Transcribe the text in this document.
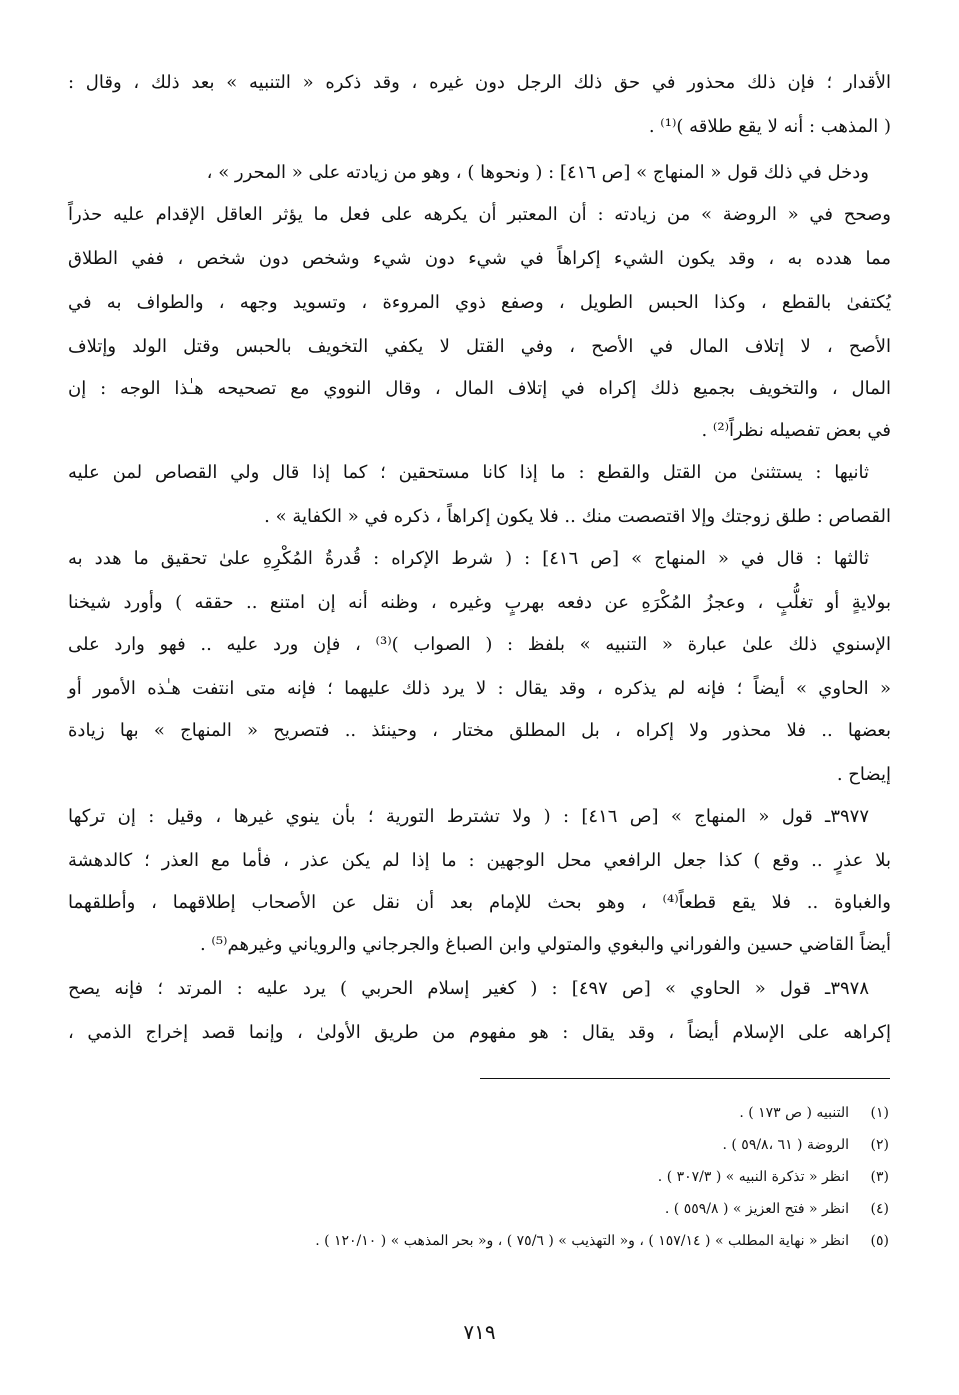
الأقدار ؛ فإن ذلك محذور في حق ذلك الرجل دون غيره ، وقد ذكره « التنبيه » بعد ذلك ، وقال :
( المذهب : أنه لا يقع طلاقه )⁽¹⁾ .
ودخل في ذلك قول « المنهاج » [ص ٤١٦] : ( ونحوها ) ، وهو من زيادته على « المحرر » ،
وصحح في « الروضة » من زيادته : أن المعتبر أن يكرهه على فعل ما يؤثر العاقل الإقدام عليه حذراً
مما هدده به ، وقد يكون الشيء إكراهاً في شيء دون شيء وشخص دون شخص ، ففي الطلاق
يُكتفىٰ بالقطع ، وكذا الحبس الطويل ، وصفع ذوي المروءة ، وتسويد وجهه ، والطواف به في
الأصح ، لا إتلاف المال في الأصح ، وفي القتل لا يكفي التخويف بالحبس وقتل الولد وإتلاف
المال ، والتخويف بجميع ذلك إكراه في إتلاف المال ، وقال النووي مع تصحيحه هـٰذا الوجه : إن
في بعض تفصيله نظراً⁽²⁾ .
ثانيها : يستثنىٰ من القتل والقطع : ما إذا كانا مستحقين ؛ كما إذا قال ولي القصاص لمن عليه
القصاص : طلق زوجتك وإلا اقتصصت منك .. فلا يكون إكراهاً ، ذكره في « الكفاية » .
ثالثها : قال في « المنهاج » [ص ٤١٦] : ( شرط الإكراه : قُدرةُ المُكْرِهِ علىٰ تحقيق ما هدد به
بولايةٍ أو تغلُّبٍ ، وعجزُ المُكْرَهِ عن دفعه بهربٍ وغيره ، وظنه أنه إن امتنع .. حققه ) وأورد شيخنا
الإسنوي ذلك علىٰ عبارة « التنبيه » بلفظ : ( الصواب )⁽³⁾ ، فإن ورد عليه .. فهو وارد على
« الحاوي » أيضاً ؛ فإنه لم يذكره ، وقد يقال : لا يرد ذلك عليهما ؛ فإنه متى انتفت هـٰذه الأمور أو
بعضها .. فلا محذور ولا إكراه ، بل المطلق مختار ، وحينئذ .. فتصريح « المنهاج » بها زيادة
إيضاح .
٣٩٧٧ـ قول « المنهاج » [ص ٤١٦] : ( ولا تشترط التورية ؛ بأن ينوي غيرها ، وقيل : إن تركها
بلا عذرٍ .. وقع ) كذا جعل الرافعي محل الوجهين : ما إذا لم يكن عذر ، فأما مع العذر ؛ كالدهشة
والغباوة .. فلا يقع قطعاً⁽⁴⁾ ، وهو بحث للإمام بعد أن نقل عن الأصحاب إطلاقهما ، وأطلقهما
أيضاً القاضي حسين والفوراني والبغوي والمتولي وابن الصباغ والجرجاني والروياني وغيرهم⁽⁵⁾ .
٣٩٧٨ـ قول « الحاوي » [ص ٤٩٧] : ( كغير إسلام الحربي ) يرد عليه : المرتد ؛ فإنه يصح
إكراهه على الإسلام أيضاً ، وقد يقال : هو مفهوم من طريق الأولىٰ ، وإنما قصد إخراج الذمي ،
(١)التنبيه ( ص ١٧٣ ) .
(٢)الروضة ( ٦١ ،٥٩/٨ ) .
(٣)انظر « تذكرة النبيه » ( ٣٠٧/٣ ) .
(٤)انظر « فتح العزيز » ( ٥٥٩/٨ ) .
(٥)انظر « نهاية المطلب » ( ١٥٧/١٤ ) ، و« التهذيب » ( ٧٥/٦ ) ، و« بحر المذهب » ( ١٢٠/١٠ ) .
٧١٩
